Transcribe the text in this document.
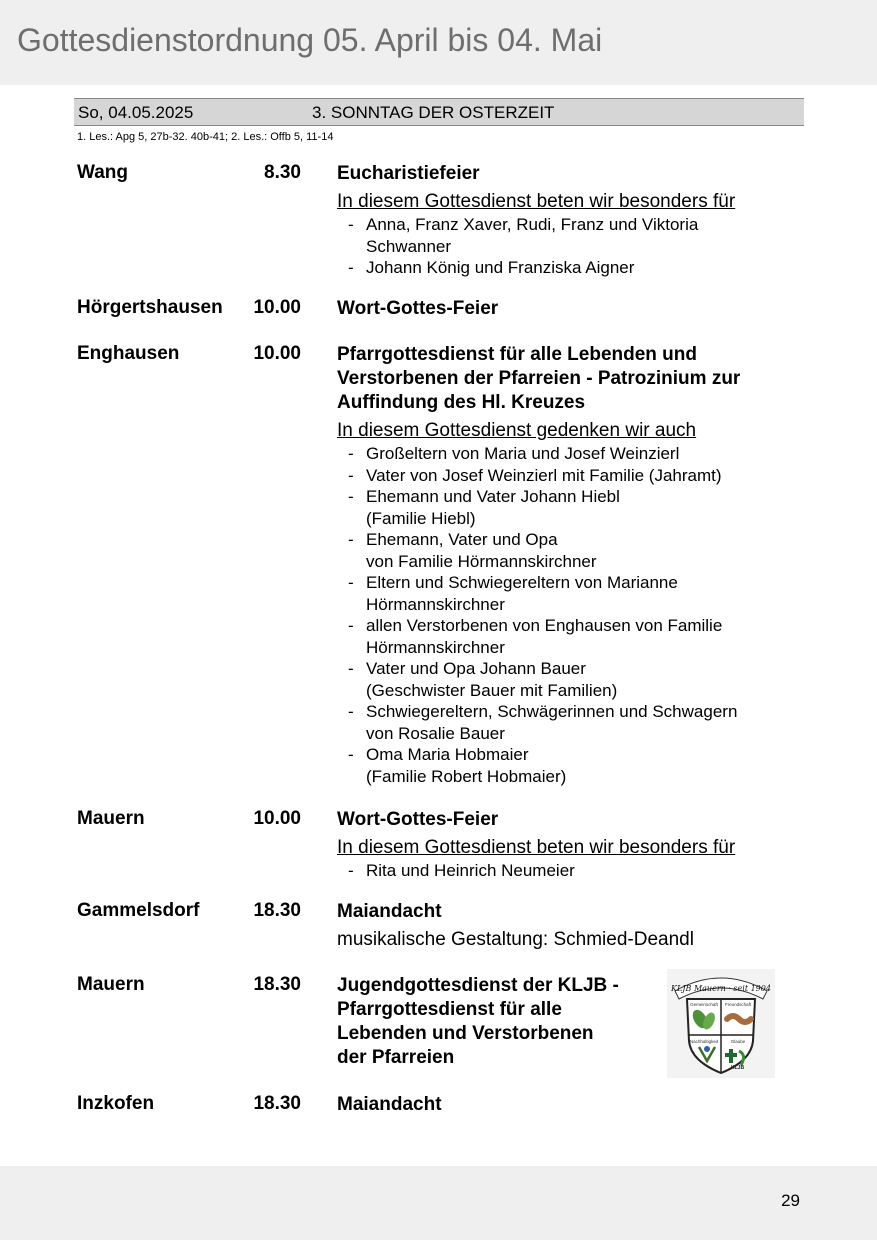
Gottesdienstordnung 05. April bis 04. Mai
So, 04.05.2025	3. SONNTAG DER OSTERZEIT
1. Les.: Apg 5, 27b-32. 40b-41; 2. Les.: Offb 5, 11-14
Wang	8.30 Eucharistiefeier
In diesem Gottesdienst beten wir besonders für
- Anna, Franz Xaver, Rudi, Franz und Viktoria
Schwanner
- Johann König und Franziska Aigner
Hörgertshausen	10.00 Wort-Gottes-Feier
Enghausen	10.00 Pfarrgottesdienst für alle Lebenden und
Verstorbenen der Pfarreien - Patrozinium zur
Auffindung des Hl. Kreuzes
In diesem Gottesdienst gedenken wir auch
- Großeltern von Maria und Josef Weinzierl
- Vater von Josef Weinzierl mit Familie (Jahramt)
- Ehemann und Vater Johann Hiebl
(Familie Hiebl)
- Ehemann, Vater und Opa
von Familie Hörmannskirchner
- Eltern und Schwiegereltern von Marianne
Hörmannskirchner
- allen Verstorbenen von Enghausen von Familie
Hörmannskirchner
- Vater und Opa Johann Bauer
(Geschwister Bauer mit Familien)
- Schwiegereltern, Schwägerinnen und Schwagern
von Rosalie Bauer
- Oma Maria Hobmaier
(Familie Robert Hobmaier)
Mauern	10.00 Wort-Gottes-Feier
In diesem Gottesdienst beten wir besonders für
- Rita und Heinrich Neumeier
Gammelsdorf	18.30 Maiandacht
musikalische Gestaltung: Schmied-Deandl
Mauern	18.30 Jugendgottesdienst der KLJB -
Pfarrgottesdienst für alle
Lebenden und Verstorbenen
der Pfarreien
KLJB Mauern · seit 1904
Gemeinschaft Freundschaft
Nachhaltigkeit	Glaube
KLJB
Inzkofen	18.30 Maiandacht
29
